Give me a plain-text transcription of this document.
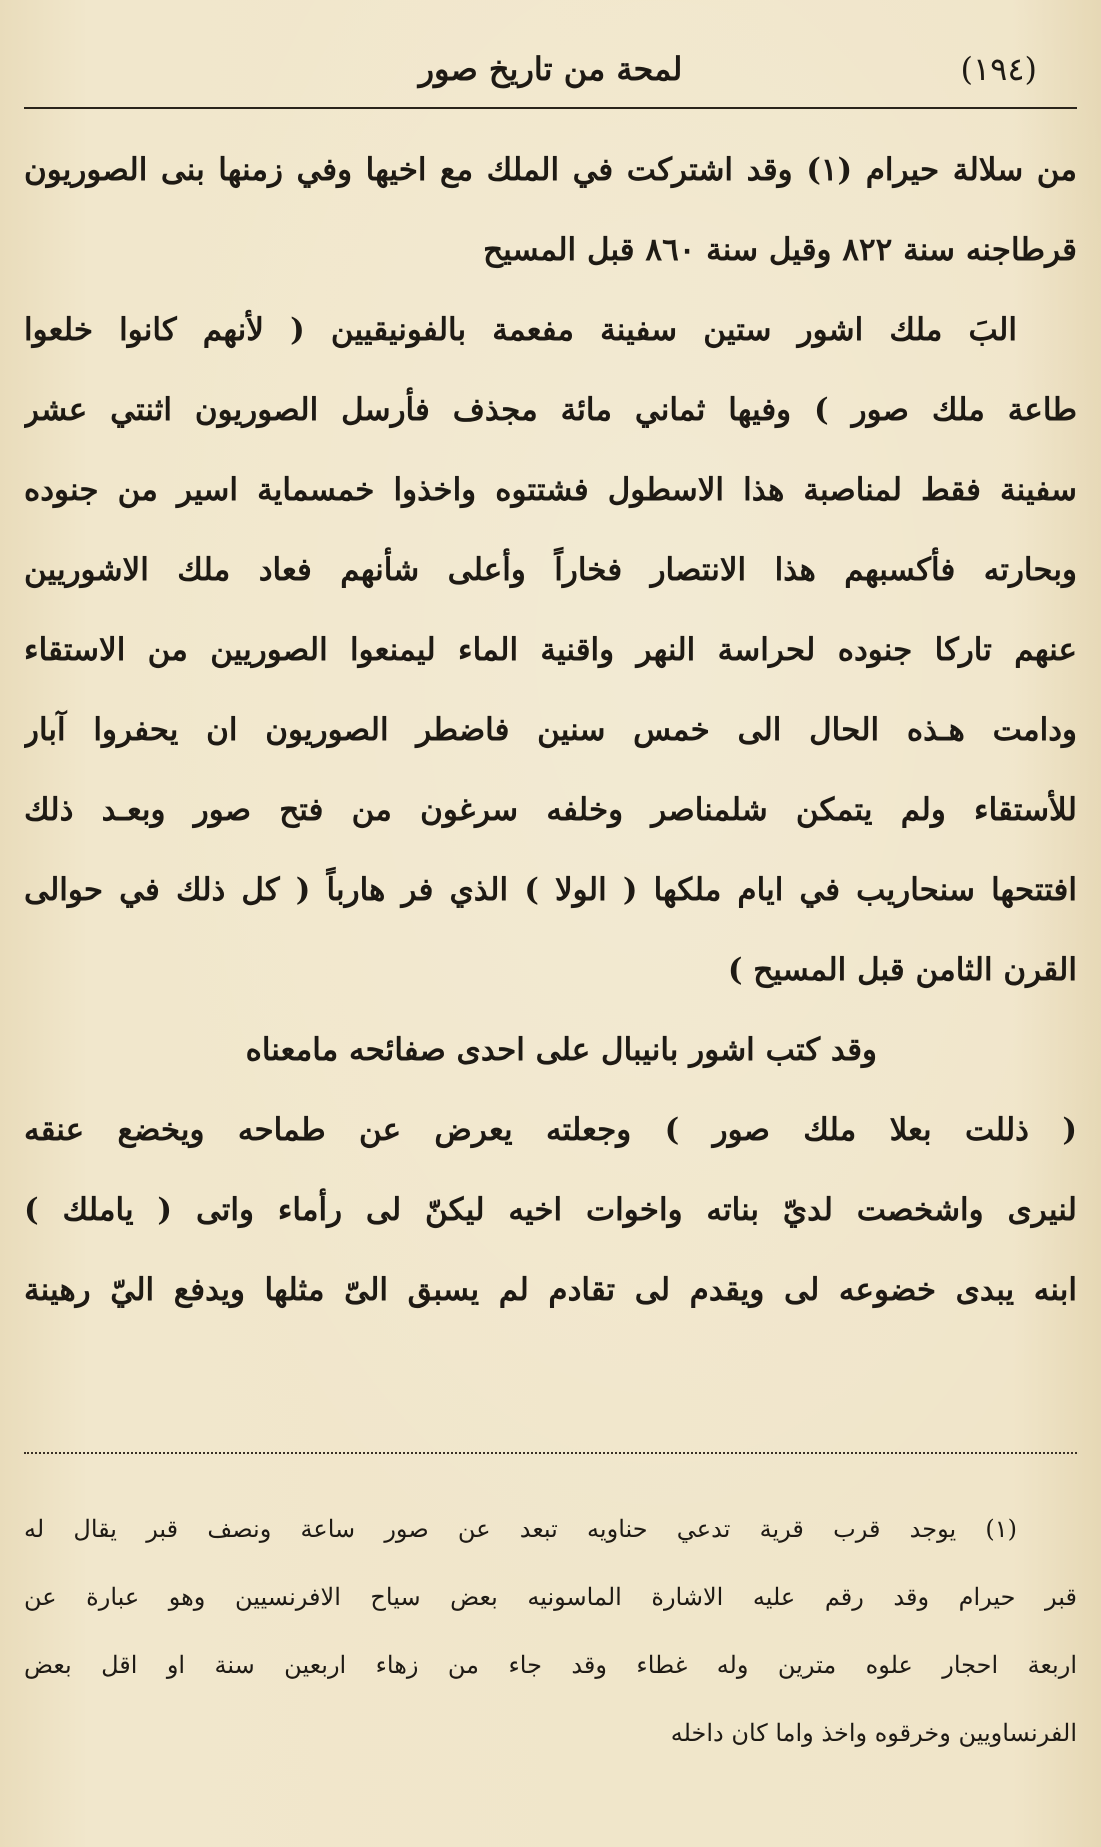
(١٩٤)
لمحة من تاريخ صور
من سلالة حيرام (١) وقد اشتركت في الملك مع اخيها وفي زمنها بنى الصوريون
قرطاجنه سنة ٨٢٢ وقيل سنة ٨٦٠ قبل المسيح
البَ ملك اشور ستين سفينة مفعمة بالفونيقيين ( لأنهم كانوا خلعوا
طاعة ملك صور ) وفيها ثماني مائة مجذف فأرسل الصوريون اثنتي عشر
سفينة فقط لمناصبة هذا الاسطول فشتتوه واخذوا خمسماية اسير من جنوده
وبحارته فأكسبهم هذا الانتصار فخاراً وأعلى شأنهم فعاد ملك الاشوريين
عنهم تاركا جنوده لحراسة النهر واقنية الماء ليمنعوا الصوريين من الاستقاء
ودامت هـذه الحال الى خمس سنين فاضطر الصوريون ان يحفروا آبار
للأستقاء ولم يتمكن شلمناصر وخلفه سرغون من فتح صور وبعـد ذلك
افتتحها سنحاريب في ايام ملكها ( الولا ) الذي فر هارباً ( كل ذلك في حوالى
القرن الثامن قبل المسيح )
وقد كتب اشور بانيبال على احدى صفائحه مامعناه
( ذللت بعلا ملك صور ) وجعلته يعرض عن طماحه ويخضع عنقه
لنيرى واشخصت لديّ بناته واخوات اخيه ليكنّ لى رأماء واتى ( ياملك )
ابنه يبدى خضوعه لى ويقدم لى تقادم لم يسبق الىّ مثلها ويدفع اليّ رهينة
(١) يوجد قرب قرية تدعي حناويه تبعد عن صور ساعة ونصف قبر يقال له
قبر حيرام وقد رقم عليه الاشارة الماسونيه بعض سياح الافرنسيين وهو عبارة عن
اربعة احجار علوه مترين وله غطاء وقد جاء من زهاء اربعين سنة او اقل بعض
الفرنساويين وخرقوه واخذ واما كان داخله
